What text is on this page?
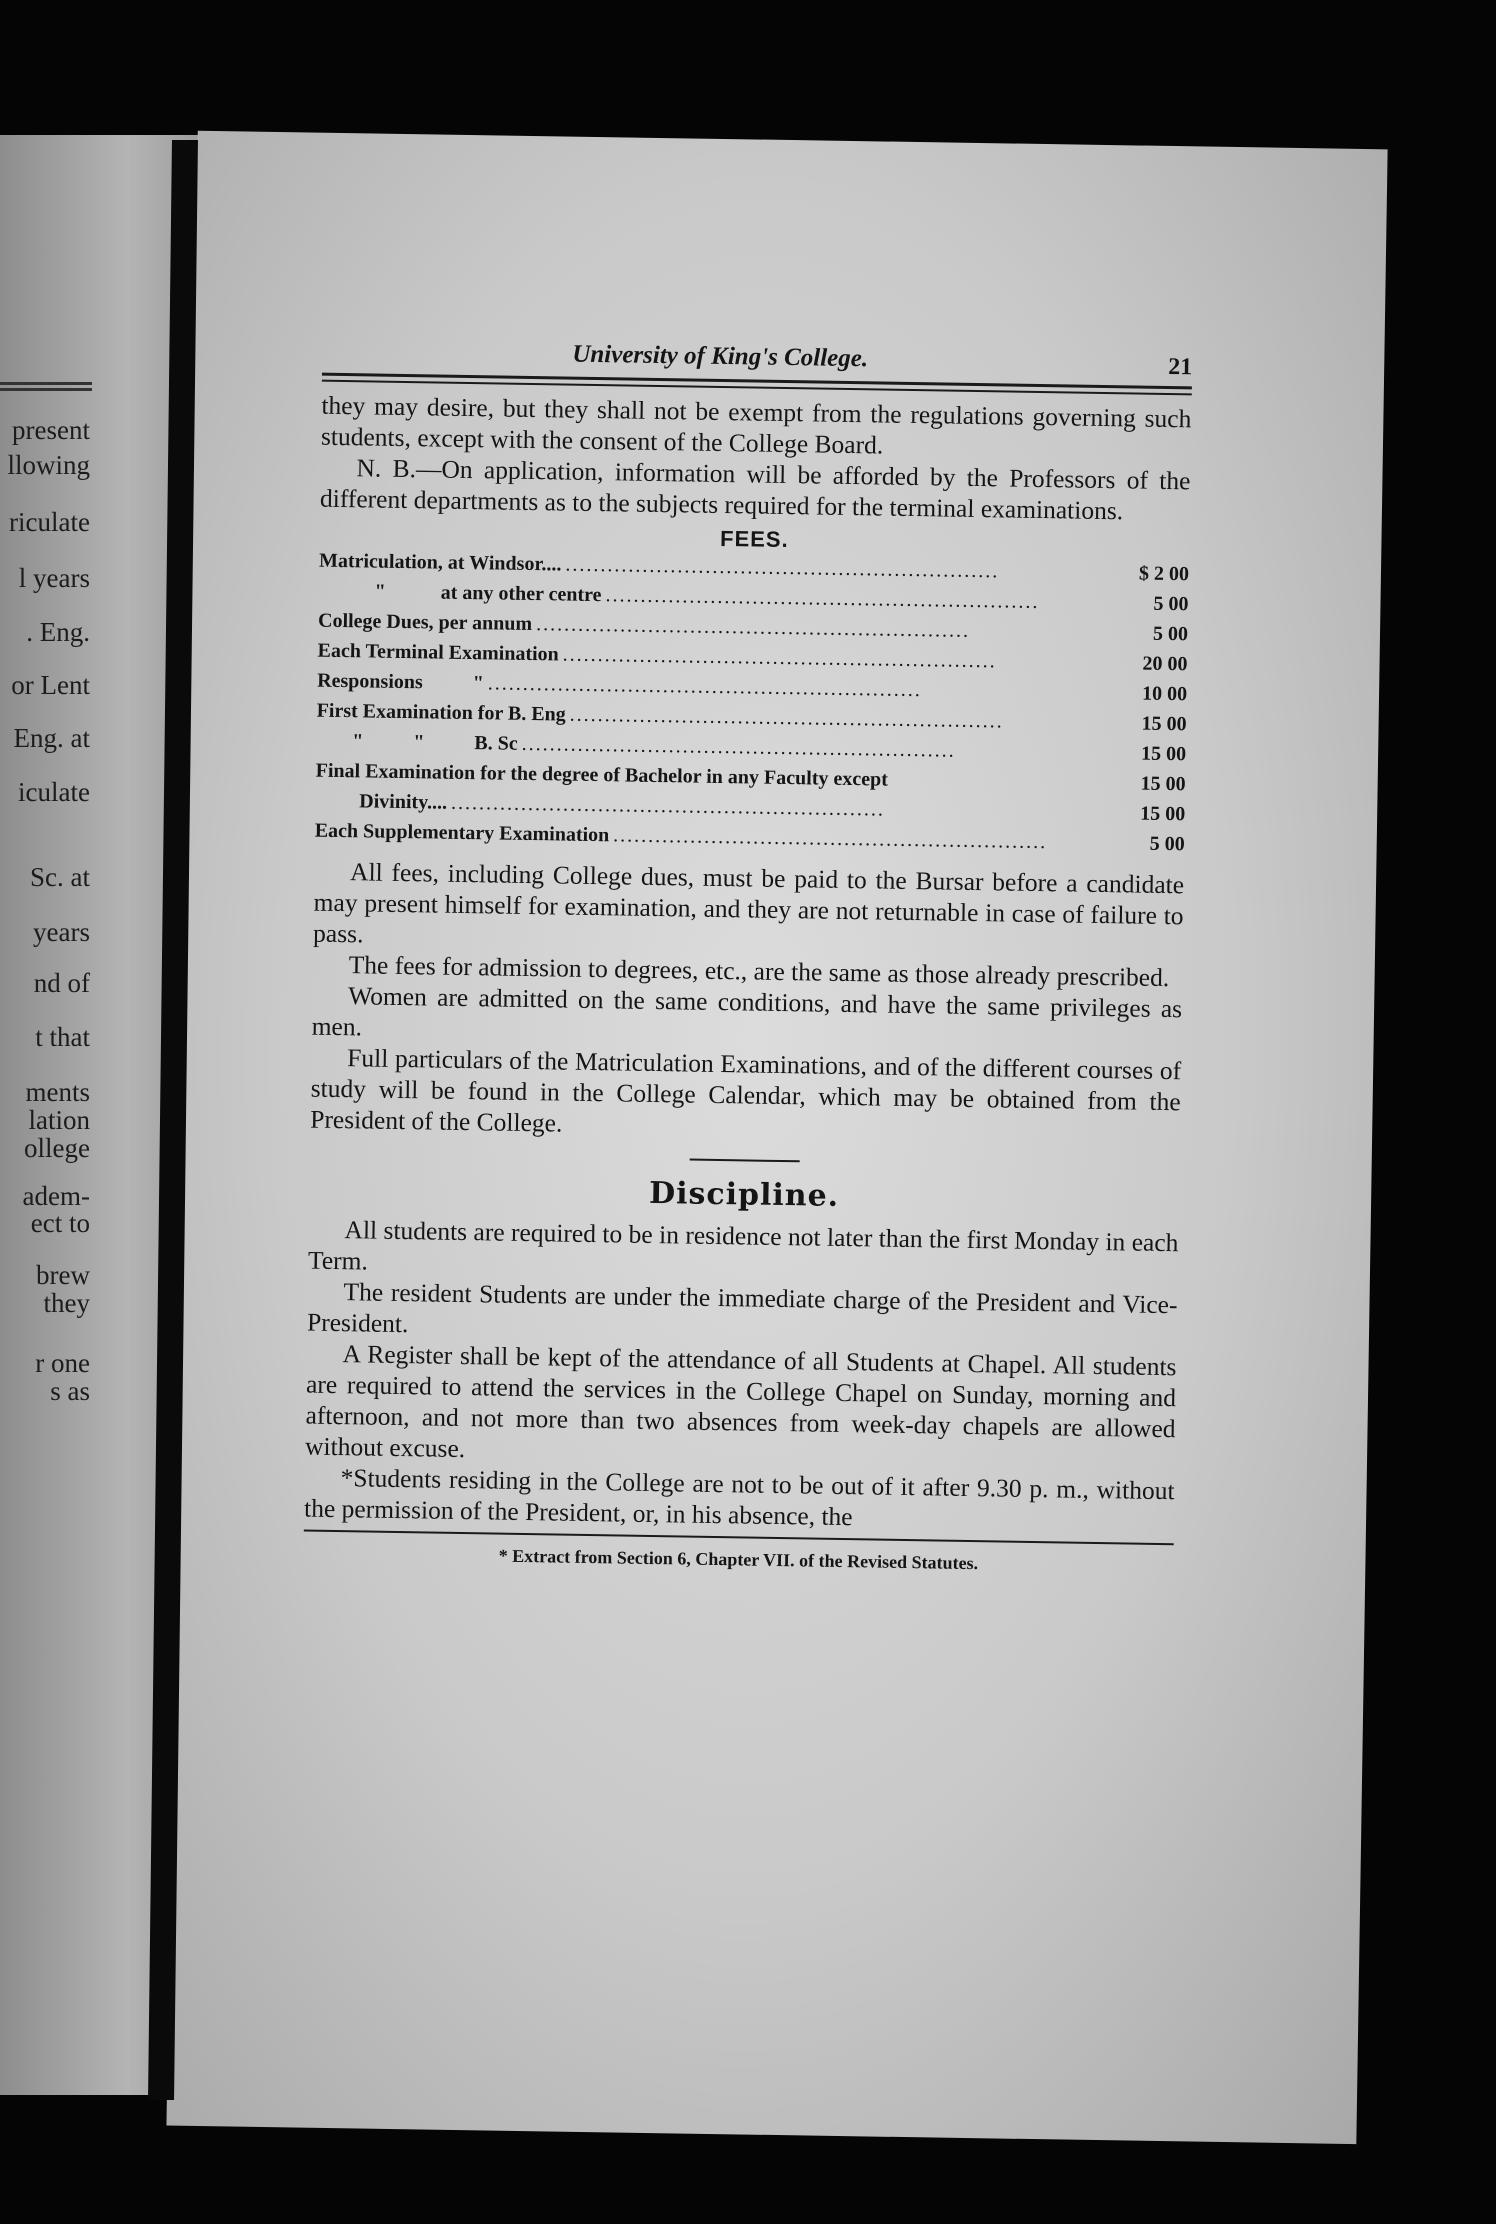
present
llowing
riculate
l years
. Eng.
or Lent
Eng. at
iculate
Sc. at
years
nd of
t that
ments
lation
ollege
adem-
ect to
brew
they
r one
s as
University of King's College.	21

they may desire, but they shall not be exempt from the regulations governing such students, except with the consent of the College Board.

N. B.—On application, information will be afforded by the Professors of the different departments as to the subjects required for the terminal examinations.

FEES.
Matriculation, at Windsor.... ..............................................................	$ 2 00
"           at any other centre ..............................................................	5 00
College Dues, per annum ..............................................................	5 00
Each Terminal Examination ..............................................................	20 00
Responsions          " ..............................................................	10 00
First Examination for B. Eng ..............................................................	15 00
"          "          B. Sc ..............................................................	15 00
Final Examination for the degree of Bachelor in any Faculty except	15 00
Divinity.... ..............................................................	15 00
Each Supplementary Examination ..............................................................	5 00

All fees, including College dues, must be paid to the Bursar before a candidate may present himself for examination, and they are not returnable in case of failure to pass.

The fees for admission to degrees, etc., are the same as those already prescribed.

Women are admitted on the same conditions, and have the same privileges as men.

Full particulars of the Matriculation Examinations, and of the different courses of study will be found in the College Calendar, which may be obtained from the President of the College.

Discipline.

All students are required to be in residence not later than the first Monday in each Term.

The resident Students are under the immediate charge of the President and Vice-President.

A Register shall be kept of the attendance of all Students at Chapel. All students are required to attend the services in the College Chapel on Sunday, morning and afternoon, and not more than two absences from week-day chapels are allowed without excuse.

*Students residing in the College are not to be out of it after 9.30 p. m., without the permission of the President, or, in his absence, the

* Extract from Section 6, Chapter VII. of the Revised Statutes.
